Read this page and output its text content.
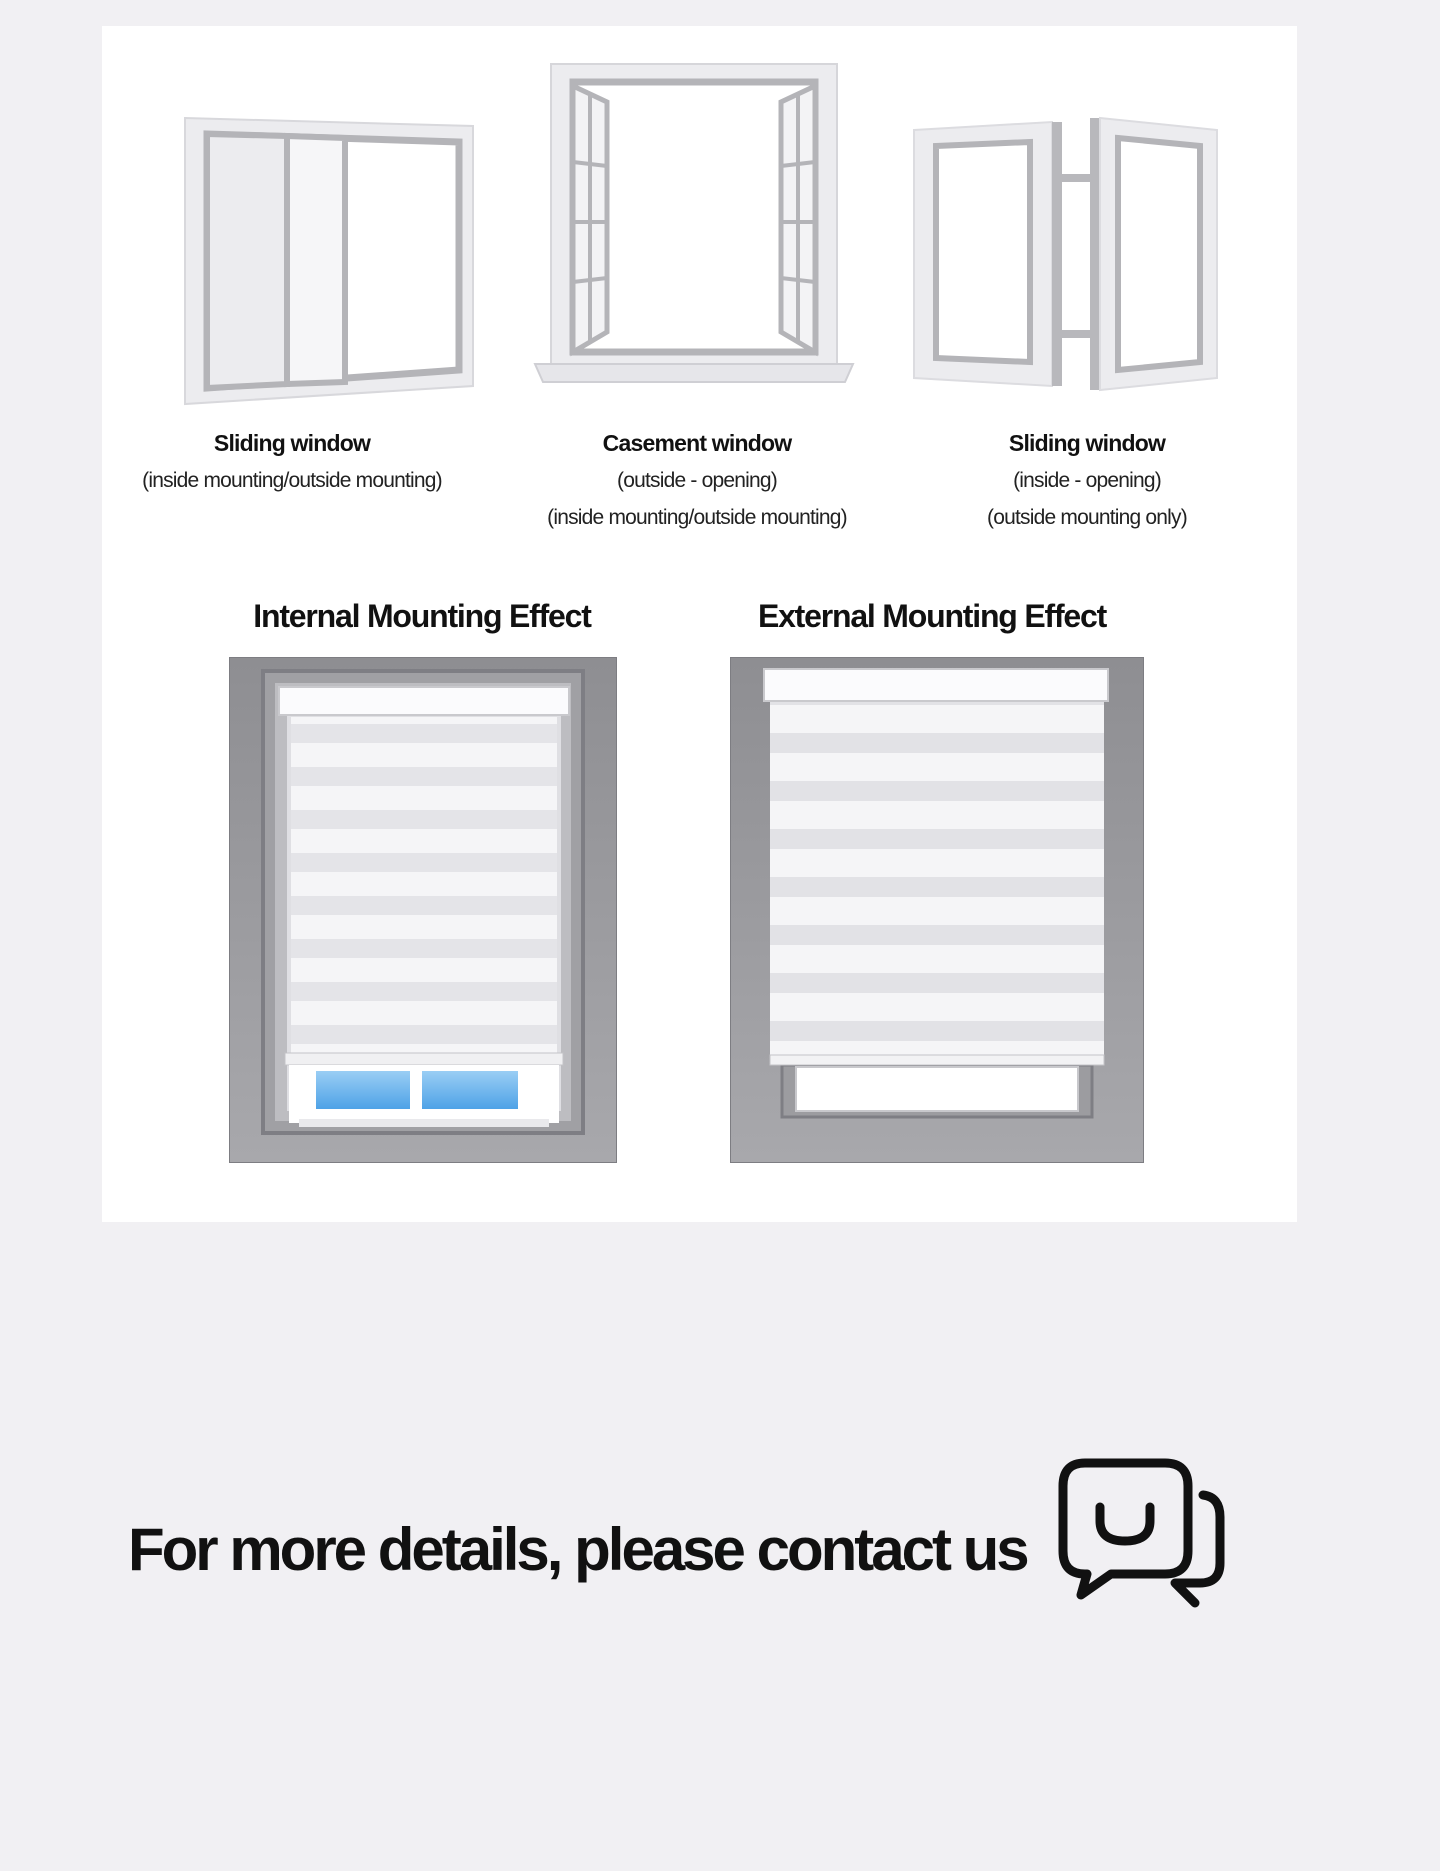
Sliding window
(inside mounting/outside mounting)
Casement window
(outside - opening)
(inside mounting/outside mounting)
Sliding window
(inside - opening)
(outside mounting only)
Internal Mounting Effect	External Mounting Effect
For more details, please contact us
